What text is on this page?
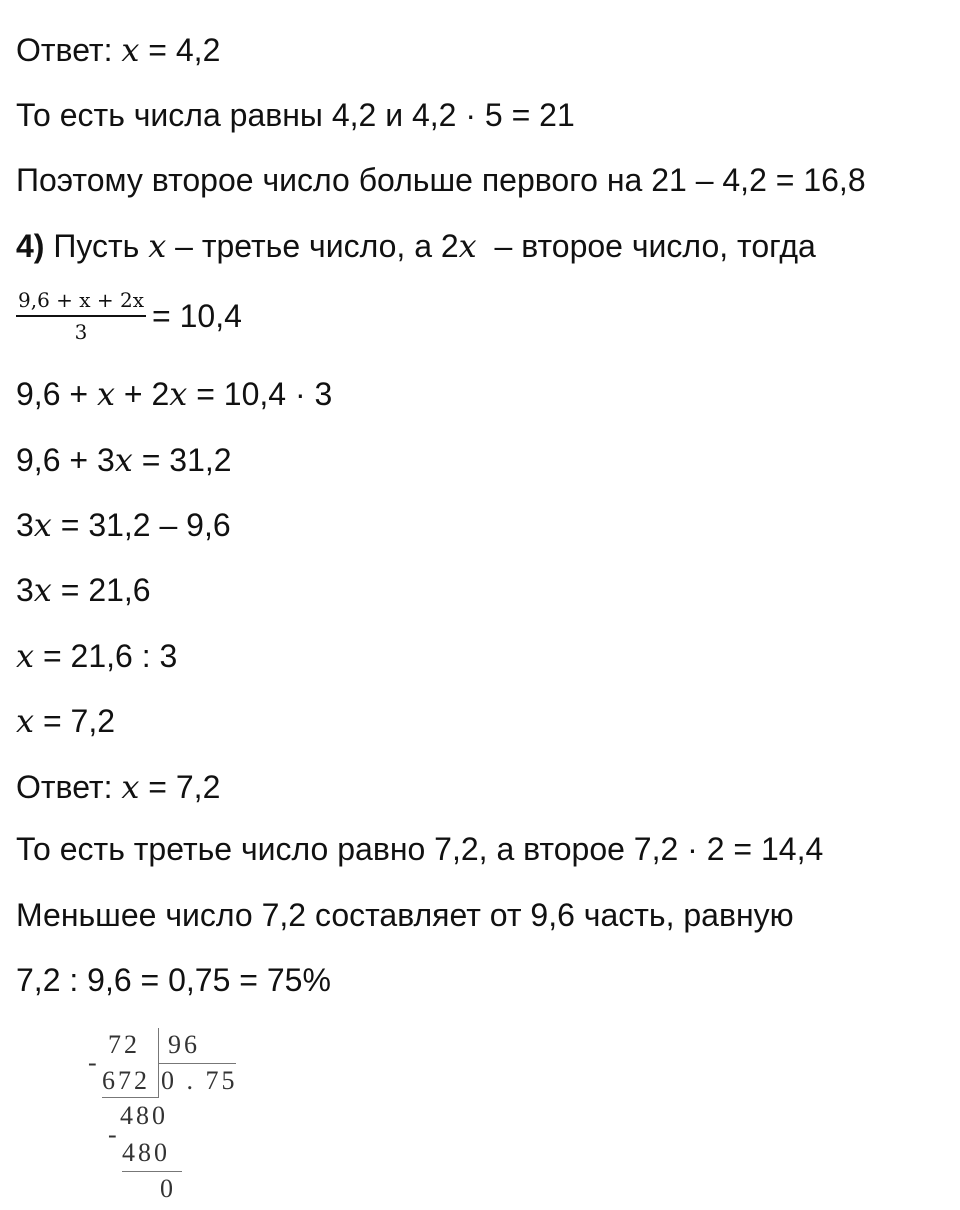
Ответ: x = 4,2
То есть числа равны 4,2 и 4,2 · 5 = 21
Поэтому второе число больше первого на 21 – 4,2 = 16,8
4) Пусть x – третье число, а 2x  – второе число, тогда
$\frac{9,6 + x + 2x}{3} = 10,4$
9,6 + x + 2x = 10,4 · 3
9,6 + 3x = 31,2
3x = 31,2 – 9,6
3x = 21,6
x = 21,6 : 3
x = 7,2
Ответ: x = 7,2
То есть третье число равно 7,2, а второе 7,2 · 2 = 14,4
Меньшее число 7,2 составляет от 9,6 часть, равную
7,2 : 9,6 = 0,75 = 75%
72 96
-
672 0 . 75
480
-
480
0
